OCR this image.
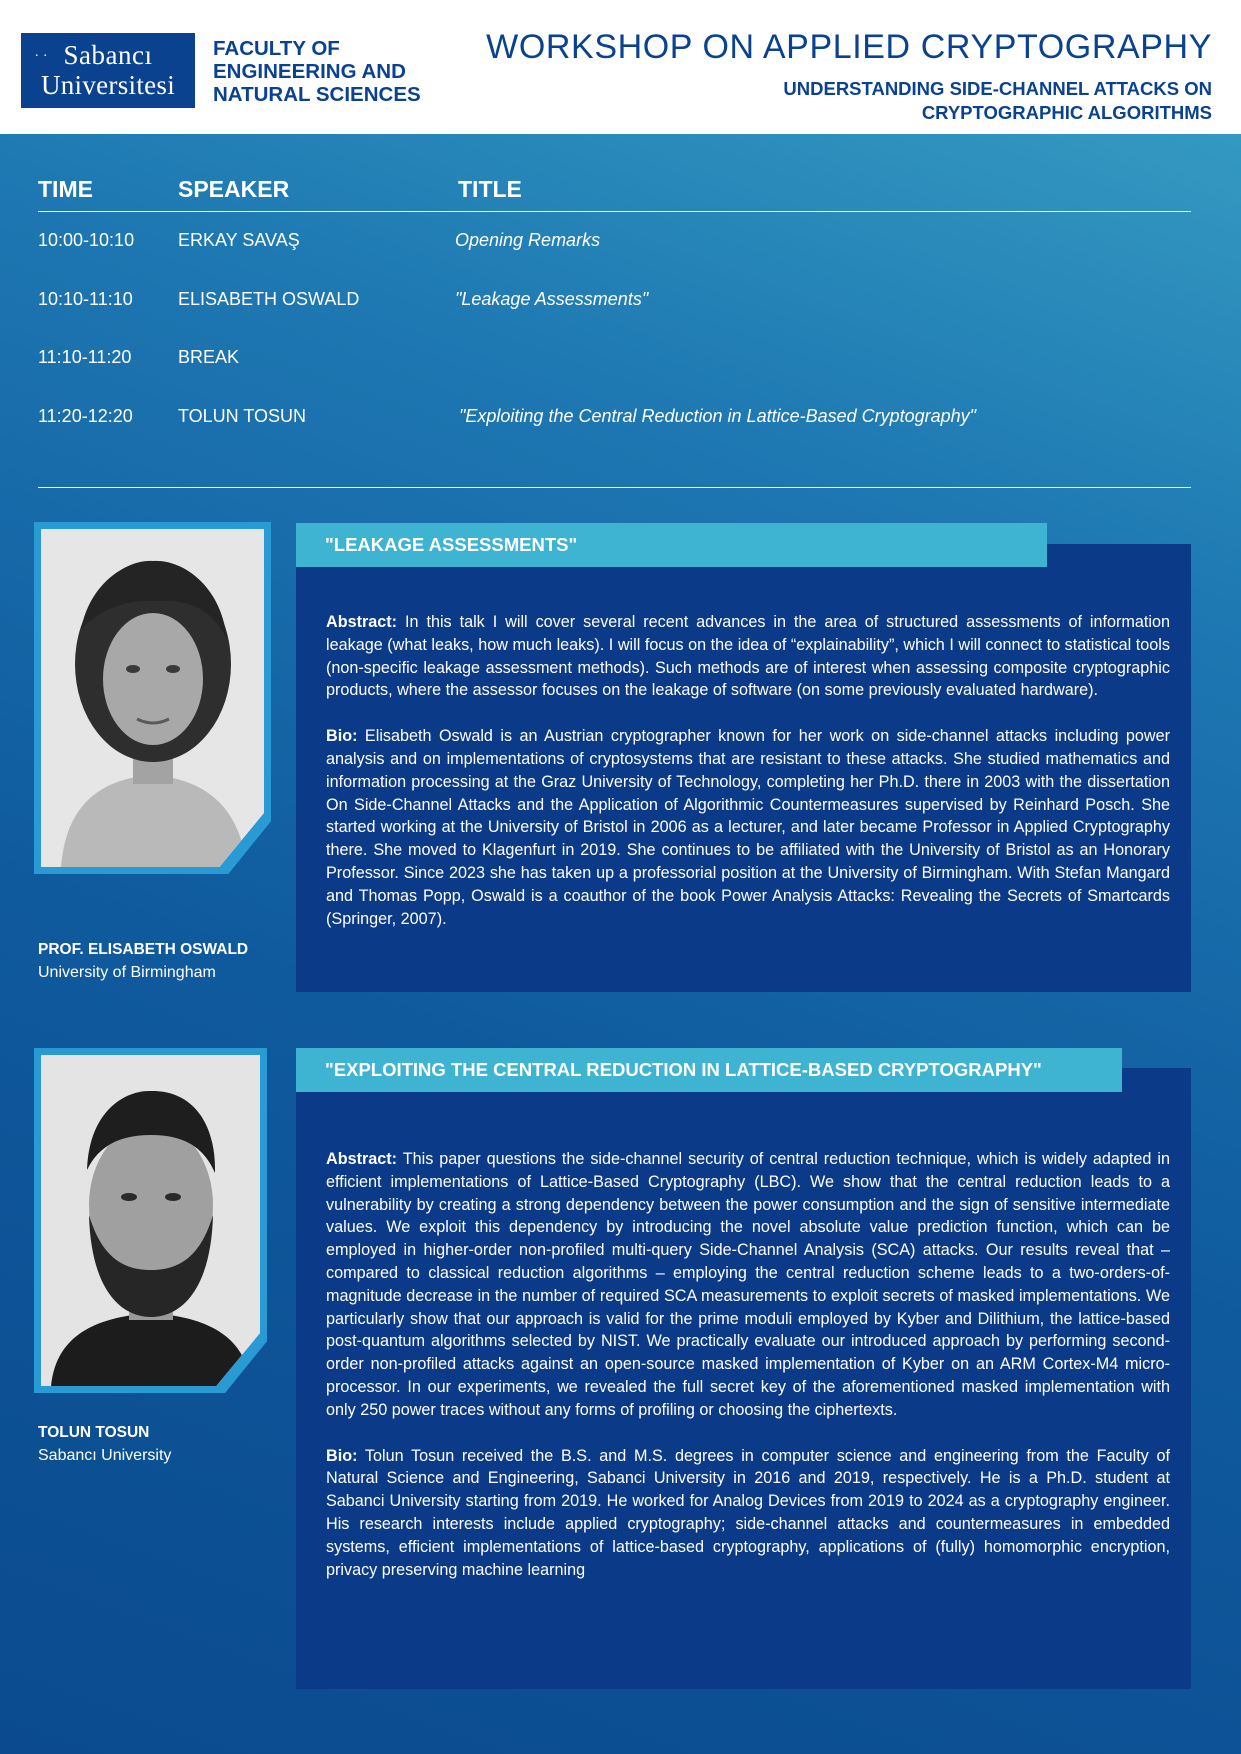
.. Sabancı
Universitesi
FACULTY OF ENGINEERING AND NATURAL SCIENCES
WORKSHOP ON APPLIED CRYPTOGRAPHY
UNDERSTANDING SIDE-CHANNEL ATTACKS ON CRYPTOGRAPHIC ALGORITHMS
TIME	SPEAKER	TITLE
10:00-10:10 ERKAY SAVAŞ	Opening Remarks
10:10-11:10	ELISABETH OSWALD	"Leakage Assessments"
11:10-11:20	BREAK
11:20-12:20	TOLUN TOSUN	"Exploiting the Central Reduction in Lattice-Based Cryptography"
PROF. ELISABETH OSWALD
University of Birmingham
"LEAKAGE ASSESSMENTS"

Abstract: In this talk I will cover several recent advances in the area of structured assessments of information leakage (what leaks, how much leaks). I will focus on the idea of “explainability”, which I will connect to statistical tools (non-specific leakage assessment methods). Such methods are of interest when assessing composite cryptographic products, where the assessor focuses on the leakage of software (on some previously evaluated hardware).

Bio: Elisabeth Oswald is an Austrian cryptographer known for her work on side-channel attacks including power analysis and on implementations of cryptosystems that are resistant to these attacks. She studied mathematics and information processing at the Graz University of Technology, completing her Ph.D. there in 2003 with the dissertation On Side-Channel Attacks and the Application of Algorithmic Countermeasures supervised by Reinhard Posch. She started working at the University of Bristol in 2006 as a lecturer, and later became Professor in Applied Cryptography there. She moved to Klagenfurt in 2019. She continues to be affiliated with the University of Bristol as an Honorary Professor. Since 2023 she has taken up a professorial position at the University of Birmingham. With Stefan Mangard and Thomas Popp, Oswald is a coauthor of the book Power Analysis Attacks: Revealing the Secrets of Smartcards (Springer, 2007).

TOLUN TOSUN
Sabancı University
"EXPLOITING THE CENTRAL REDUCTION IN LATTICE-BASED CRYPTOGRAPHY"

Abstract: This paper questions the side-channel security of central reduction technique, which is widely adapted in efficient implementations of Lattice-Based Cryptography (LBC). We show that the central reduction leads to a vulnerability by creating a strong dependency between the power consumption and the sign of sensitive intermediate values. We exploit this dependency by introducing the novel absolute value prediction function, which can be employed in higher-order non-profiled multi-query Side-Channel Analysis (SCA) attacks. Our results reveal that – compared to classical reduction algorithms – employing the central reduction scheme leads to a two-orders-of-magnitude decrease in the number of required SCA measurements to exploit secrets of masked implementations. We particularly show that our approach is valid for the prime moduli employed by Kyber and Dilithium, the lattice-based post-quantum algorithms selected by NIST. We practically evaluate our introduced approach by performing second-order non-profiled attacks against an open-source masked implementation of Kyber on an ARM Cortex-M4 micro-processor. In our experiments, we revealed the full secret key of the aforementioned masked implementation with only 250 power traces without any forms of profiling or choosing the ciphertexts.

Bio: Tolun Tosun received the B.S. and M.S. degrees in computer science and engineering from the Faculty of Natural Science and Engineering, Sabanci University in 2016 and 2019, respectively. He is a Ph.D. student at Sabanci University starting from 2019. He worked for Analog Devices from 2019 to 2024 as a cryptography engineer. His research interests include applied cryptography; side-channel attacks and countermeasures in embedded systems, efficient implementations of lattice-based cryptography, applications of (fully) homomorphic encryption, privacy preserving machine learning
